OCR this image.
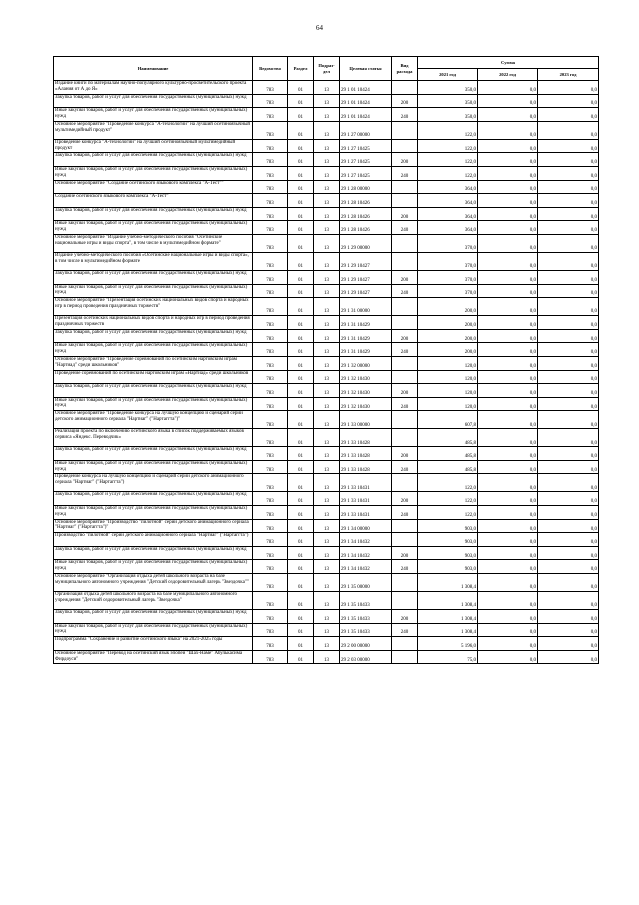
64
Наименование	Ведомство	Раздел	Подраз-дел	Целевая статья	Вид расхода	Сумма		
						2021 год	2022 год	2023 год
Издание книги по материалам научно-популярного культурно-просветительского проекта «Алания от А до Я»	783	01	13	29 1 01 10424		350,0	0,0	0,0
Закупка товаров, работ и услуг для обеспечения государственных (муниципальных) нужд	783	01	13	29 1 01 10424	200	350,0	0,0	0,0
Иные закупки товаров, работ и услуг для обеспечения государственных (муниципальных) нужд	783	01	13	29 1 01 10424	240	350,0	0,0	0,0
Основное мероприятие "Проведение конкурса "А-технологии" на лучший осетиноязычный мультимедийный продукт"	783	01	13	29 1 27 00000		122,0	0,0	0,0
Проведение конкурса "А-технологии" на лучший осетиноязычный мультимедийный продукт	783	01	13	29 1 27 10425		122,0	0,0	0,0
Закупка товаров, работ и услуг для обеспечения государственных (муниципальных) нужд	783	01	13	29 1 27 10425	200	122,0	0,0	0,0
Иные закупки товаров, работ и услуг для обеспечения государственных (муниципальных) нужд	783	01	13	29 1 27 10425	240	122,0	0,0	0,0
Основное мероприятие "Создание осетинского языкового комплекса "А-Тест""	783	01	13	29 1 28 00000		364,0	0,0	0,0
Создание осетинского языкового комплекса "А-Тест"	783	01	13	29 1 28 10426		364,0	0,0	0,0
Закупка товаров, работ и услуг для обеспечения государственных (муниципальных) нужд	783	01	13	29 1 28 10426	200	364,0	0,0	0,0
Иные закупки товаров, работ и услуг для обеспечения государственных (муниципальных) нужд	783	01	13	29 1 28 10426	240	364,0	0,0	0,0
Основное мероприятие "Издание учебно-методического пособия "Осетинские национальные игры и виды спорта", в том числе в мультимедийном формате"	783	01	13	29 1 29 00000		370,0	0,0	0,0
Издание учебно-методического пособия «Осетинские национальные игры и виды спорта», в том числе в мультимедийном формате	783	01	13	29 1 29 10427		370,0	0,0	0,0
Закупка товаров, работ и услуг для обеспечения государственных (муниципальных) нужд	783	01	13	29 1 29 10427	200	370,0	0,0	0,0
Иные закупки товаров, работ и услуг для обеспечения государственных (муниципальных) нужд	783	01	13	29 1 29 10427	240	370,0	0,0	0,0
Основное мероприятие "Презентация осетинских национальных видов спорта и народных игр в период проведения праздничных торжеств"	783	01	13	29 1 31 00000		200,0	0,0	0,0
Презентация осетинских национальных видов спорта и народных игр в период проведения праздничных торжеств	783	01	13	29 1 31 10429		200,0	0,0	0,0
Закупка товаров, работ и услуг для обеспечения государственных (муниципальных) нужд	783	01	13	29 1 31 10429	200	200,0	0,0	0,0
Иные закупки товаров, работ и услуг для обеспечения государственных (муниципальных) нужд	783	01	13	29 1 31 10429	240	200,0	0,0	0,0
Основное мероприятие "Проведение соревнований по осетинским нартовским играм "Нартиад" среди школьников"	783	01	13	29 1 32 00000		120,0	0,0	0,0
Проведение соревнований по осетинским нартовским играм «Нартиад» среди школьников	783	01	13	29 1 32 10430		120,0	0,0	0,0
Закупка товаров, работ и услуг для обеспечения государственных (муниципальных) нужд	783	01	13	29 1 32 10430	200	120,0	0,0	0,0
Иные закупки товаров, работ и услуг для обеспечения государственных (муниципальных) нужд	783	01	13	29 1 32 10430	240	120,0	0,0	0,0
Основное мероприятие "Проведение конкурса на лучшую концепцию и сценарий серии детского анимационного сериала "Нартиаг" ("Нартаггта")"	783	01	13	29 1 33 00000		607,8	0,0	0,0
Реализация проекта по включению осетинского языка в список поддерживаемых языков сервиса «Яндекс. Переводчик»	783	01	13	29 1 33 10428		485,8	0,0	0,0
Закупка товаров, работ и услуг для обеспечения государственных (муниципальных) нужд	783	01	13	29 1 33 10428	200	485,8	0,0	0,0
Иные закупки товаров, работ и услуг для обеспечения государственных (муниципальных) нужд	783	01	13	29 1 33 10428	240	485,8	0,0	0,0
Проведение конкурса на лучшую концепцию и сценарий серии детского анимационного сериала "Нартиаг" ("Нартаггта")	783	01	13	29 1 33 10431		122,0	0,0	0,0
Закупка товаров, работ и услуг для обеспечения государственных (муниципальных) нужд	783	01	13	29 1 33 10431	200	122,0	0,0	0,0
Иные закупки товаров, работ и услуг для обеспечения государственных (муниципальных) нужд	783	01	13	29 1 33 10431	240	122,0	0,0	0,0
Основное мероприятие "Производство "пилотной" серии детского анимационного сериала "Нартиаг" ("Нартаггта")"	783	01	13	29 1 34 00000		903,0	0,0	0,0
Производство "пилотной" серии детского анимационного сериала "Нартиаг" ("Нартаггта")	783	01	13	29 1 34 10432		903,0	0,0	0,0
Закупка товаров, работ и услуг для обеспечения государственных (муниципальных) нужд	783	01	13	29 1 34 10432	200	903,0	0,0	0,0
Иные закупки товаров, работ и услуг для обеспечения государственных (муниципальных) нужд	783	01	13	29 1 34 10432	240	903,0	0,0	0,0
Основное мероприятие "Организация отдыха детей школьного возраста на базе муниципального автономного учреждения "Детский оздоровительный лагерь "Звездочка""	783	01	13	29 1 35 00000		1 308,4	0,0	0,0
Организация отдыха детей школьного возраста на базе муниципального автономного учреждения "Детский оздоровительный лагерь "Звездочка"	783	01	13	29 1 35 10433		1 308,4	0,0	0,0
Закупка товаров, работ и услуг для обеспечения государственных (муниципальных) нужд	783	01	13	29 1 35 10433	200	1 308,4	0,0	0,0
Иные закупки товаров, работ и услуг для обеспечения государственных (муниципальных) нужд	783	01	13	29 1 35 10433	240	1 308,4	0,0	0,0
Подпрограмма "Сохранение и развитие осетинского языка" на 2021-2025 годы	783	01	13	29 2 00 00000		5 196,0	0,0	0,0
Основное мероприятие "Перевод на осетинский язык эпопеи "Шах-Наме" Абулькасима Фирдоуси"	783	01	13	29 2 03 00000		75,0	0,0	0,0
